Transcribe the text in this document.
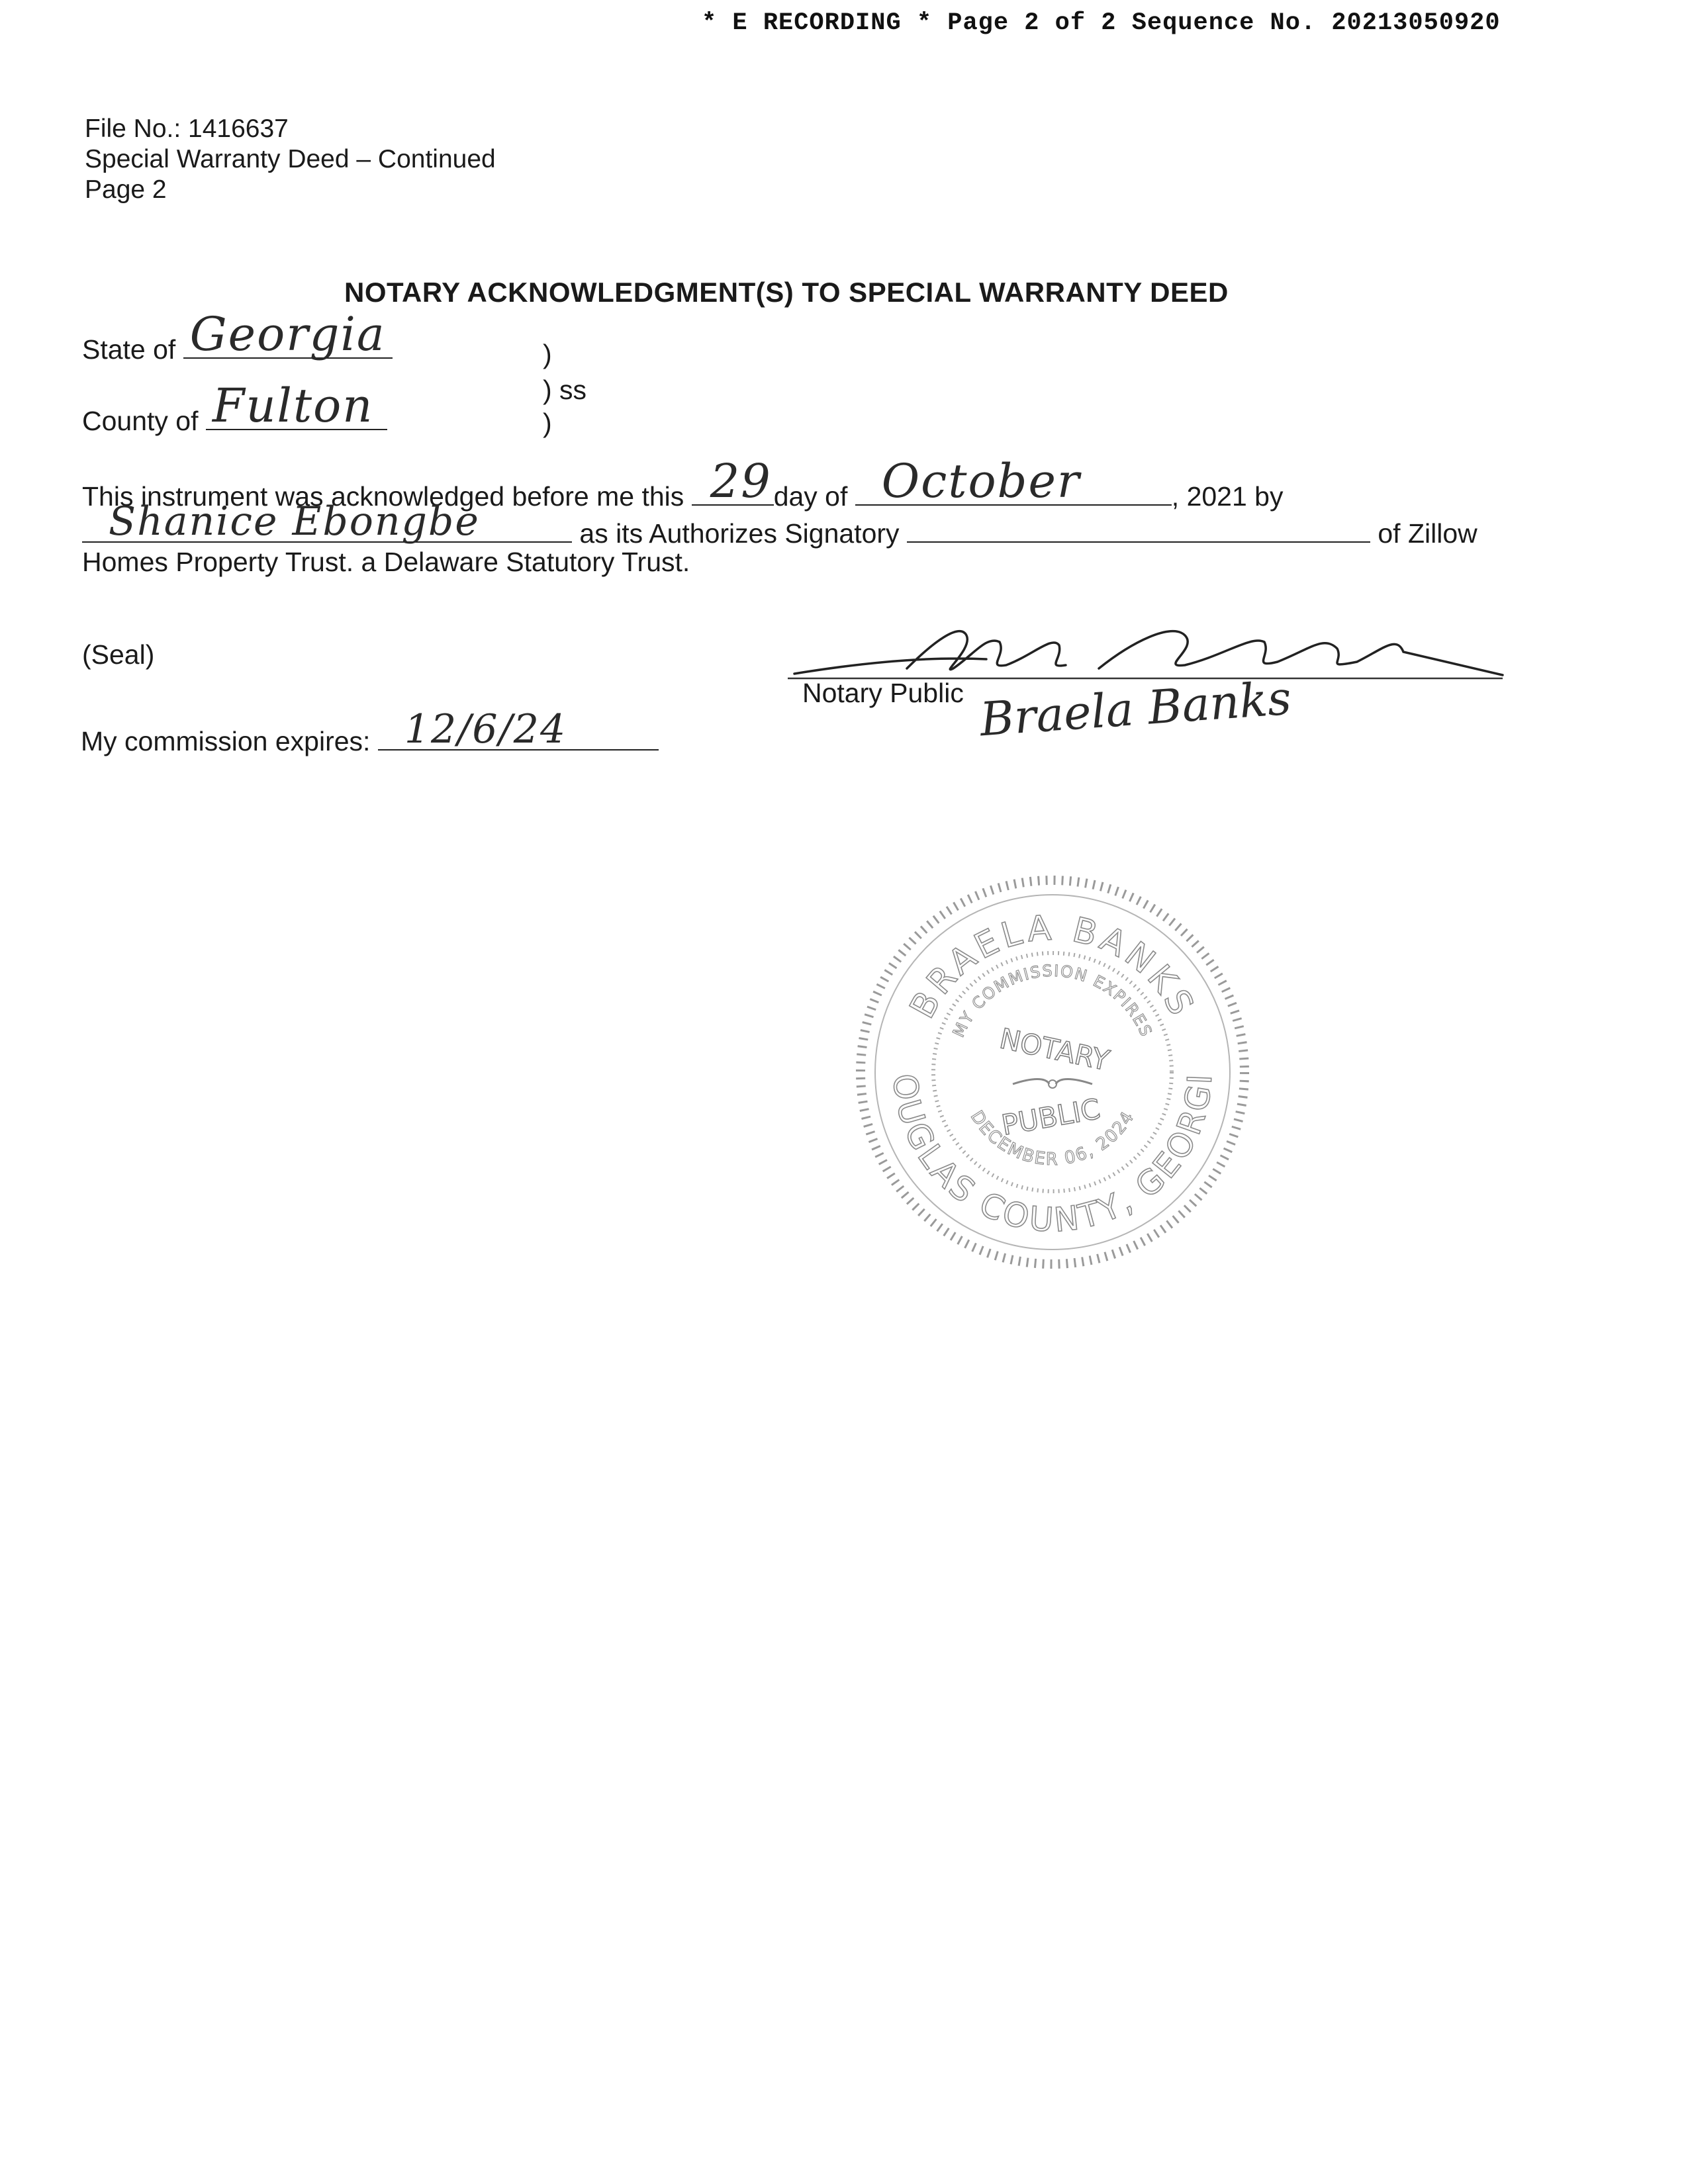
* E RECORDING * Page 2 of 2 Sequence No. 20213050920
File No.: 1416637
Special Warranty Deed – Continued
Page 2
NOTARY ACKNOWLEDGMENT(S) TO SPECIAL WARRANTY DEED
State of Georgia	)
) ss
)
County of Fulton
This instrument was acknowledged before me this 29 day of October	, 2021 by
Shanice Ebongbe	as its Authorizes Signatory	of Zillow
Homes Property Trust. a Delaware Statutory Trust.
(Seal)
Notary Public Braela Banks
My commission expires: 12/6/24
BRAELA BANKS
OUGLAS COUNTY, GEORGI
MY COMMISSION EXPIRES
DECEMBER 06, 2024
NOTARY
PUBLIC
